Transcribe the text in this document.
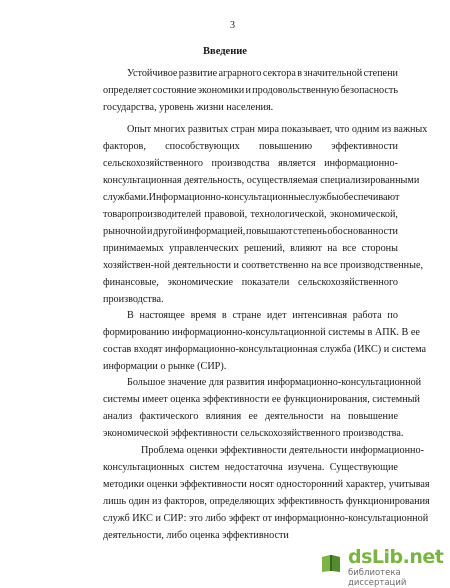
3
Введение
Устойчивое развитие аграрного сектора в значительной степени
определяет состояние экономики и продовольственную безопасность
государства, уровень жизни населения.
Опыт многих развитых стран мира показывает, что одним из важных
факторов, способствующих повышению эффективности
сельскохозяйственного производства является информационно-
консультационная деятельность, осуществляемая специализированными
службами. Информационно-консультационные службы обеспечивают
товаропроизводителей правовой, технологической, экономической,
рыночной и другой информацией, повышают степень обоснованности
принимаемых управленческих решений, влияют на все стороны
хозяйствен-ной деятельности и соответственно на все производственные,
финансовые, экономические показатели сельскохозяйственного
производства.
В настоящее время в стране идет интенсивная работа по
формированию информационно-консультационной системы в АПК. В ее
состав входят информационно-консультационная служба (ИКС) и система
информации о рынке (СИР).
Большое значение для развития информационно-консультационной
системы имеет оценка эффективности ее функционирования, системный
анализ фактического влияния ее деятельности на повышение
экономической эффективности сельскохозяйственного производства.
Проблема оценки эффективности деятельности информационно-
консультационных систем недостаточна изучена. Существующие
методики оценки эффективности носят односторонний характер, учитывая
лишь один из факторов, определяющих эффективность функционирования
служб ИКС и СИР: это либо эффект от информационно-консультационной
деятельности, либо оценка эффективности
dsLib.net
библиотека диссертаций
